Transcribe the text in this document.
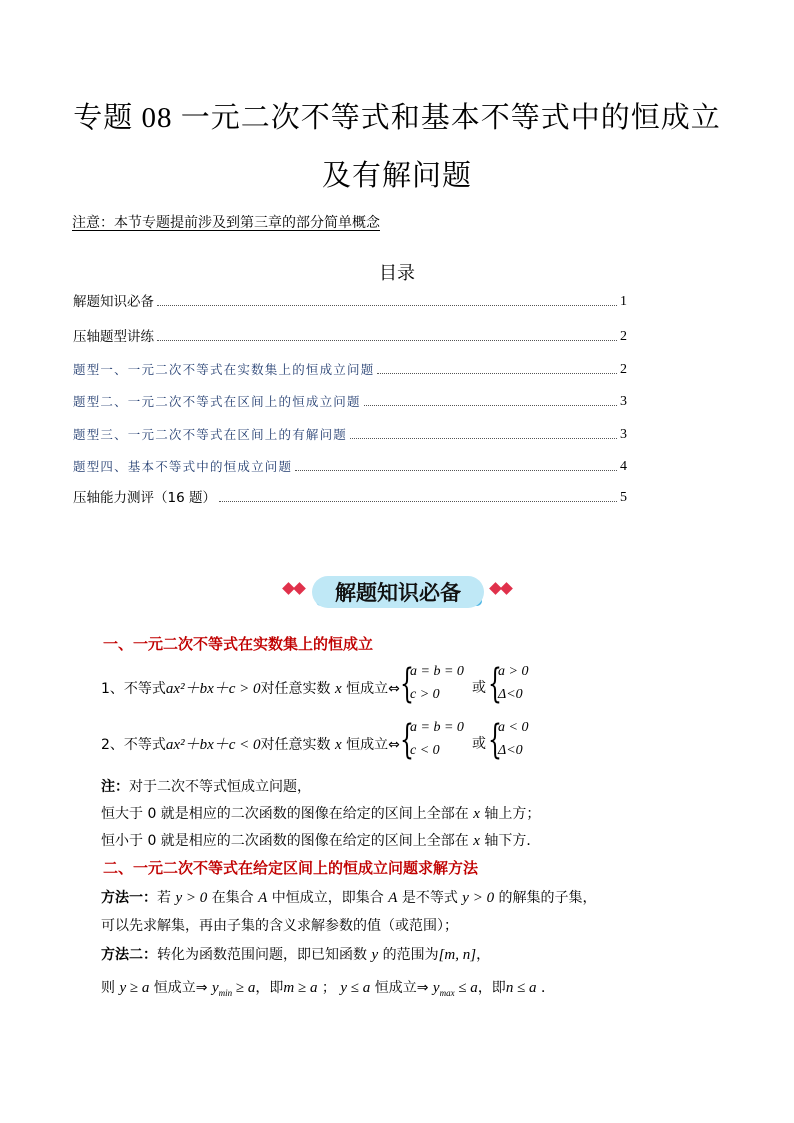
专题 08 一元二次不等式和基本不等式中的恒成立
及有解问题
注意：本节专题提前涉及到第三章的部分简单概念
目录
解题知识必备	1
压轴题型讲练	2
题型一、一元二次不等式在实数集上的恒成立问题	2
题型二、一元二次不等式在区间上的恒成立问题	3
题型三、一元二次不等式在区间上的有解问题	3
题型四、基本不等式中的恒成立问题	4
压轴能力测评（16 题）	5
解题知识必备
一、一元二次不等式在实数集上的恒成立
1、不等式ax²＋bx＋c > 0对任意实数 x 恒成立⇔ {
a = b = 0
c > 0 或 {
a > 0
Δ<0
2、不等式ax²＋bx＋c < 0对任意实数 x 恒成立⇔ {
a = b = 0
c < 0 或 {
a < 0
Δ<0
注：对于二次不等式恒成立问题，
恒大于 0 就是相应的二次函数的图像在给定的区间上全部在 x 轴上方；
恒小于 0 就是相应的二次函数的图像在给定的区间上全部在 x 轴下方．
二、一元二次不等式在给定区间上的恒成立问题求解方法
方法一：若 y > 0 在集合 A 中恒成立，即集合 A 是不等式 y > 0 的解集的子集，
可以先求解集，再由子集的含义求解参数的值（或范围）；
方法二：转化为函数范围问题，即已知函数 y 的范围为[m, n]，
则 y ≥ a 恒成立⇒ $y_{min} \ge a$，即m ≥ a ； y ≤ a 恒成立⇒ $y_{max} \le a$，即n ≤ a ．
